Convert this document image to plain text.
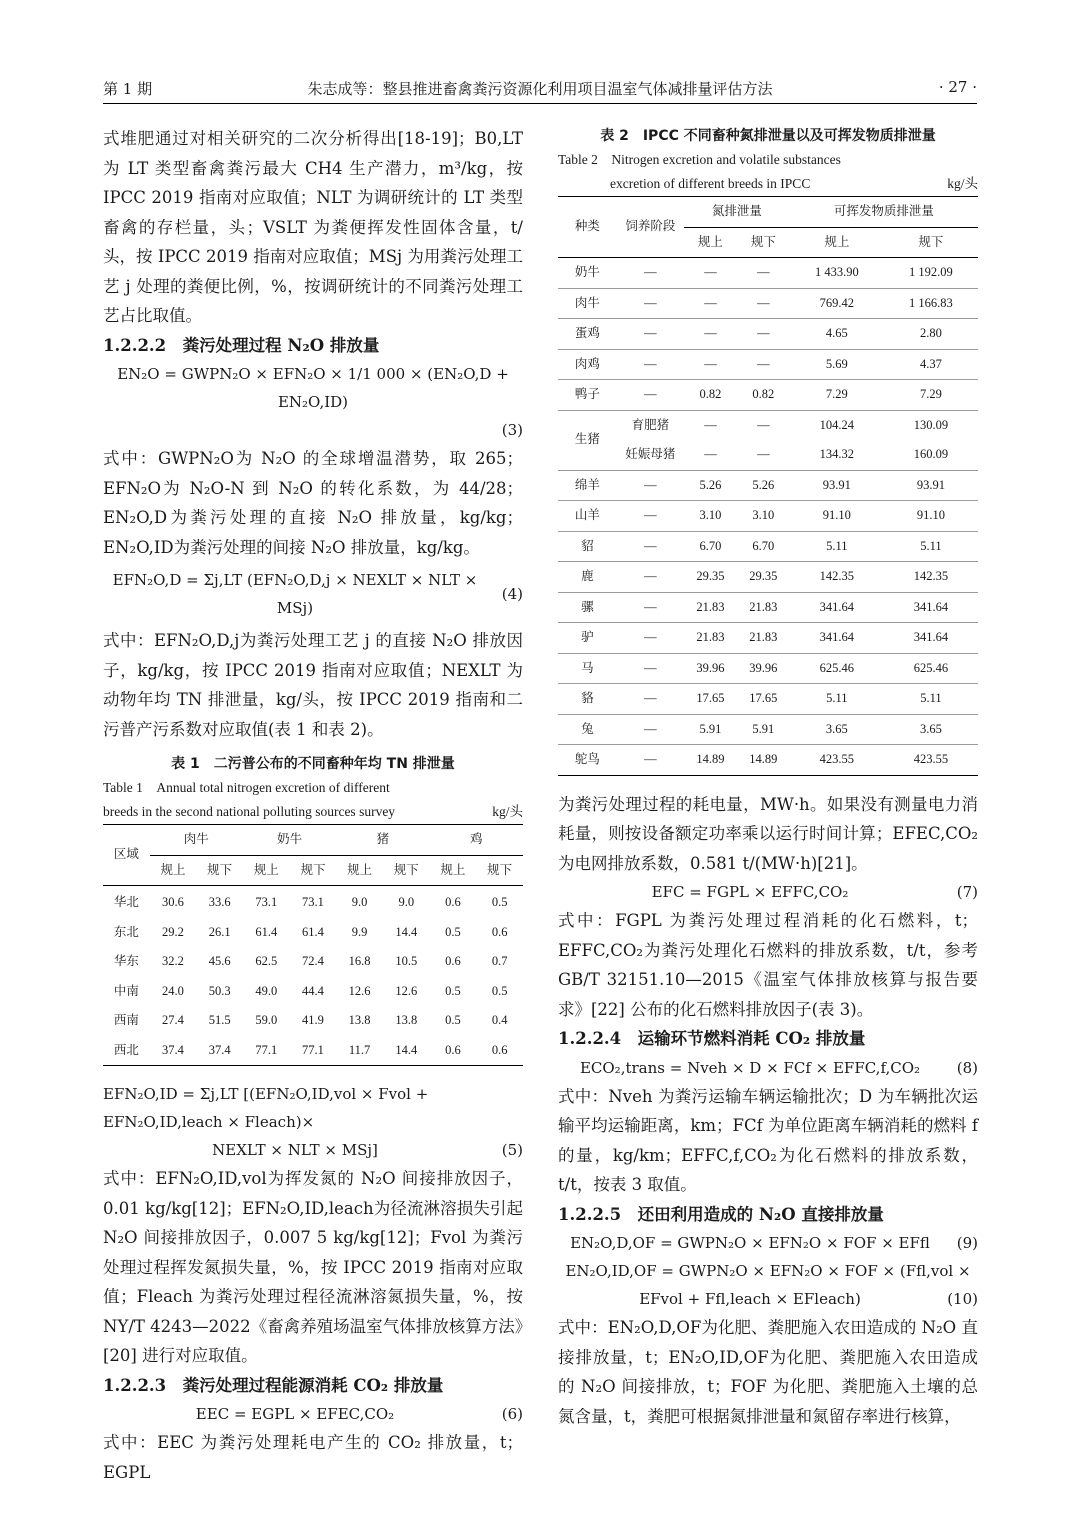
第 1 期	朱志成等：整县推进畜禽粪污资源化利用项目温室气体减排量评估方法	· 27 ·

式堆肥通过对相关研究的二次分析得出[18-19]；B0,LT 为 LT 类型畜禽粪污最大 CH4 生产潜力，m³/kg，按 IPCC 2019 指南对应取值；NLT 为调研统计的 LT 类型畜禽的存栏量，头；VSLT 为粪便挥发性固体含量，t/头，按 IPCC 2019 指南对应取值；MSj 为用粪污处理工艺 j 处理的粪便比例，%，按调研统计的不同粪污处理工艺占比取值。

1.2.2.2　粪污处理过程 N₂O 排放量
EN₂O = GWPN₂O × EFN₂O × 1/1 000 × (EN₂O,D + EN₂O,ID)
(3)

式中：GWPN₂O为 N₂O 的全球增温潜势，取 265；EFN₂O为 N₂O-N 到 N₂O 的转化系数，为 44/28；EN₂O,D为粪污处理的直接 N₂O 排放量，kg/kg；EN₂O,ID为粪污处理的间接 N₂O 排放量，kg/kg。

EFN₂O,D = Σj,LT (EFN₂O,D,j × NEXLT × NLT × MSj)
(4)

式中：EFN₂O,D,j为粪污处理工艺 j 的直接 N₂O 排放因子，kg/kg，按 IPCC 2019 指南对应取值；NEXLT 为动物年均 TN 排泄量，kg/头，按 IPCC 2019 指南和二污普产污系数对应取值(表 1 和表 2)。

表 1　二污普公布的不同畜种年均 TN 排泄量
Table 1　Annual total nitrogen excretion of different
breeds in the second national polluting sources survey	kg/头
区域	肉牛		奶牛		猪		鸡	
	规上	规下	规上	规下	规上	规下	规上	规下
华北	30.6	33.6	73.1	73.1	9.0	9.0	0.6	0.5
东北	29.2	26.1	61.4	61.4	9.9	14.4	0.5	0.6
华东	32.2	45.6	62.5	72.4	16.8	10.5	0.6	0.7
中南	24.0	50.3	49.0	44.4	12.6	12.6	0.5	0.5
西南	27.4	51.5	59.0	41.9	13.8	13.8	0.5	0.4
西北	37.4	37.4	77.1	77.1	11.7	14.4	0.6	0.6
EFN₂O,ID = Σj,LT [(EFN₂O,ID,vol × Fvol + EFN₂O,ID,leach × Fleach)×
NEXLT × NLT × MSj]	(5)

式中：EFN₂O,ID,vol为挥发氮的 N₂O 间接排放因子，0.01 kg/kg[12]；EFN₂O,ID,leach为径流淋溶损失引起 N₂O 间接排放因子，0.007 5 kg/kg[12]；Fvol 为粪污处理过程挥发氮损失量，%，按 IPCC 2019 指南对应取值；Fleach 为粪污处理过程径流淋溶氮损失量，%，按 NY/T 4243—2022《畜禽养殖场温室气体排放核算方法》[20] 进行对应取值。

1.2.2.3　粪污处理过程能源消耗 CO₂ 排放量
EEC = EGPL × EFEC,CO₂	(6)

式中：EEC 为粪污处理耗电产生的 CO₂ 排放量，t；EGPL

表 2　IPCC 不同畜种氮排泄量以及可挥发物质排泄量
Table 2　Nitrogen excretion and volatile substances
excretion of different breeds in IPCC	kg/头
种类	饲养阶段	氮排泄量		可挥发物质排泄量	
		规上	规下	规上	规下
奶牛	—	—	—	1 433.90	1 192.09
肉牛	—	—	—	769.42	1 166.83
蛋鸡	—	—	—	4.65	2.80
肉鸡	—	—	—	5.69	4.37
鸭子	—	0.82	0.82	7.29	7.29
生猪	育肥猪	—	—	104.24	130.09
	妊娠母猪	—	—	134.32	160.09
绵羊	—	5.26	5.26	93.91	93.91
山羊	—	3.10	3.10	91.10	91.10
貂	—	6.70	6.70	5.11	5.11
鹿	—	29.35	29.35	142.35	142.35
骡	—	21.83	21.83	341.64	341.64
驴	—	21.83	21.83	341.64	341.64
马	—	39.96	39.96	625.46	625.46
貉	—	17.65	17.65	5.11	5.11
兔	—	5.91	5.91	3.65	3.65
鸵鸟	—	14.89	14.89	423.55	423.55

为粪污处理过程的耗电量，MW·h。如果没有测量电力消耗量，则按设备额定功率乘以运行时间计算；EFEC,CO₂为电网排放系数，0.581 t/(MW·h)[21]。

EFC = FGPL × EFFC,CO₂	(7)

式中：FGPL 为粪污处理过程消耗的化石燃料，t；EFFC,CO₂为粪污处理化石燃料的排放系数，t/t，参考 GB/T 32151.10—2015《温室气体排放核算与报告要求》[22] 公布的化石燃料排放因子(表 3)。

1.2.2.4　运输环节燃料消耗 CO₂ 排放量
ECO₂,trans = Nveh × D × FCf × EFFC,f,CO₂	(8)

式中：Nveh 为粪污运输车辆运输批次；D 为车辆批次运输平均运输距离，km；FCf 为单位距离车辆消耗的燃料 f 的量，kg/km；EFFC,f,CO₂为化石燃料的排放系数，t/t，按表 3 取值。

1.2.2.5　还田利用造成的 N₂O 直接排放量
EN₂O,D,OF = GWPN₂O × EFN₂O × FOF × EFfl	(9)
EN₂O,ID,OF = GWPN₂O × EFN₂O × FOF × (Ffl,vol ×
EFvol + Ffl,leach × EFleach)	(10)

式中：EN₂O,D,OF为化肥、粪肥施入农田造成的 N₂O 直接排放量，t；EN₂O,ID,OF为化肥、粪肥施入农田造成的 N₂O 间接排放，t；FOF 为化肥、粪肥施入土壤的总氮含量，t，粪肥可根据氮排泄量和氮留存率进行核算，
